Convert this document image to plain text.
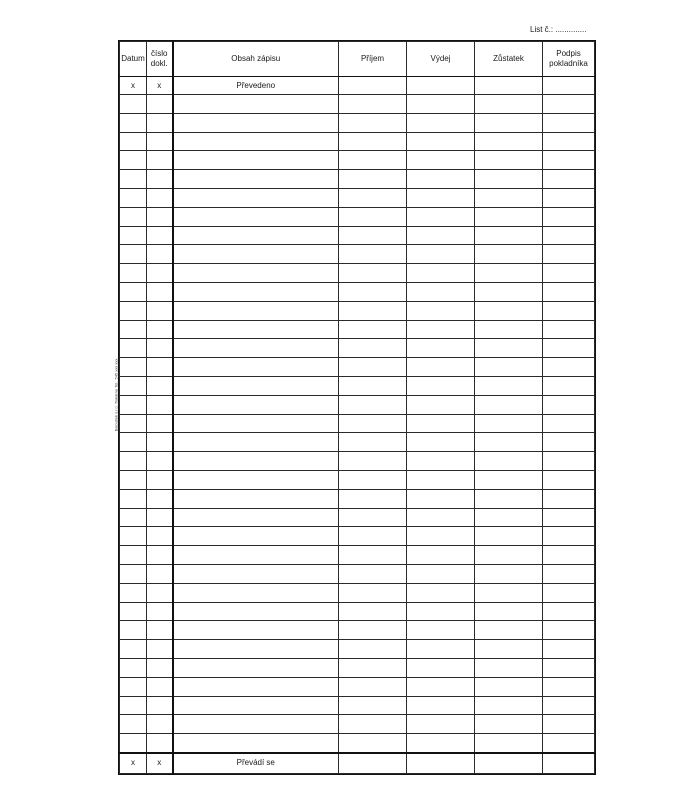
List č.: ..............
Baloušek s.r.o. Tiskárna Tel.: 545 xxx xxx
Datum	číslo dokl.	Obsah zápisu	Příjem	Výdej	Zůstatek	Podpis pokladníka
x	x	Převedeno				

x	x	Převádí se				
